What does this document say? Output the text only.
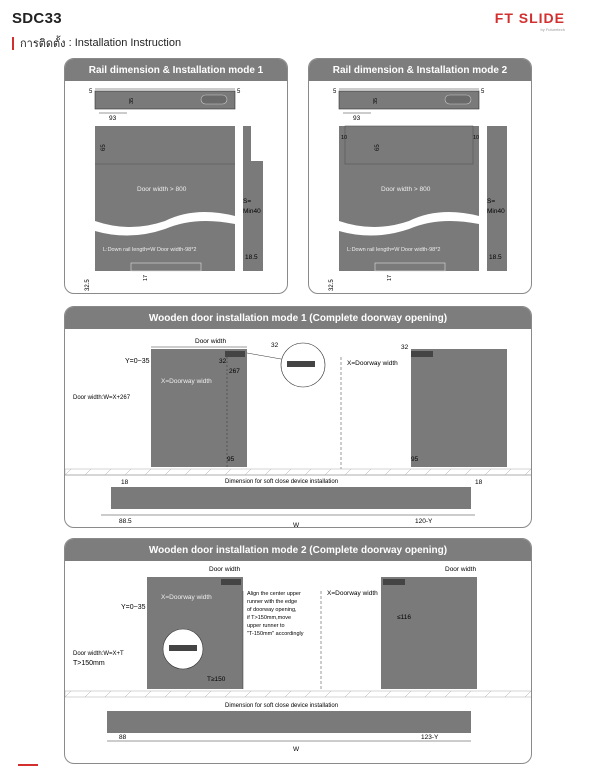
SDC33
การติดตั้ง : Installation Instruction
FT SLIDE
by Futuretech
Rail dimension & Installation mode 1
5	5
35
93
65
Door width > 800
L:Down rail length=W Door width-98*2
17
32.5
S=
Min40
18.5
Rail dimension & Installation mode 2
5	5
35
93
10	10
65
Door width > 800
L:Down rail length=W Door width-98*2
17
32.5
S=
Min40
18.5
Wooden door installation mode 1 (Complete doorway opening)
Door width
Y=0~35	32
267
X=Doorway width
Door width:W=X+267
95
32	32
X=Doorway width
95
Dimension for soft close device installation
18	18
88.5	120-Y
W
Wooden door installation mode 2 (Complete doorway opening)
Door width
X=Doorway width
Y=0~35
Door width:W=X+T
T>150mm
T≥150
Align the center upper
runner with the edge
of doorway opening,
if T>150mm,move
upper runner to
"T-150mm" accordingly
X=Doorway width
Door width
≤116
Dimension for soft close device installation
88	123-Y
W
